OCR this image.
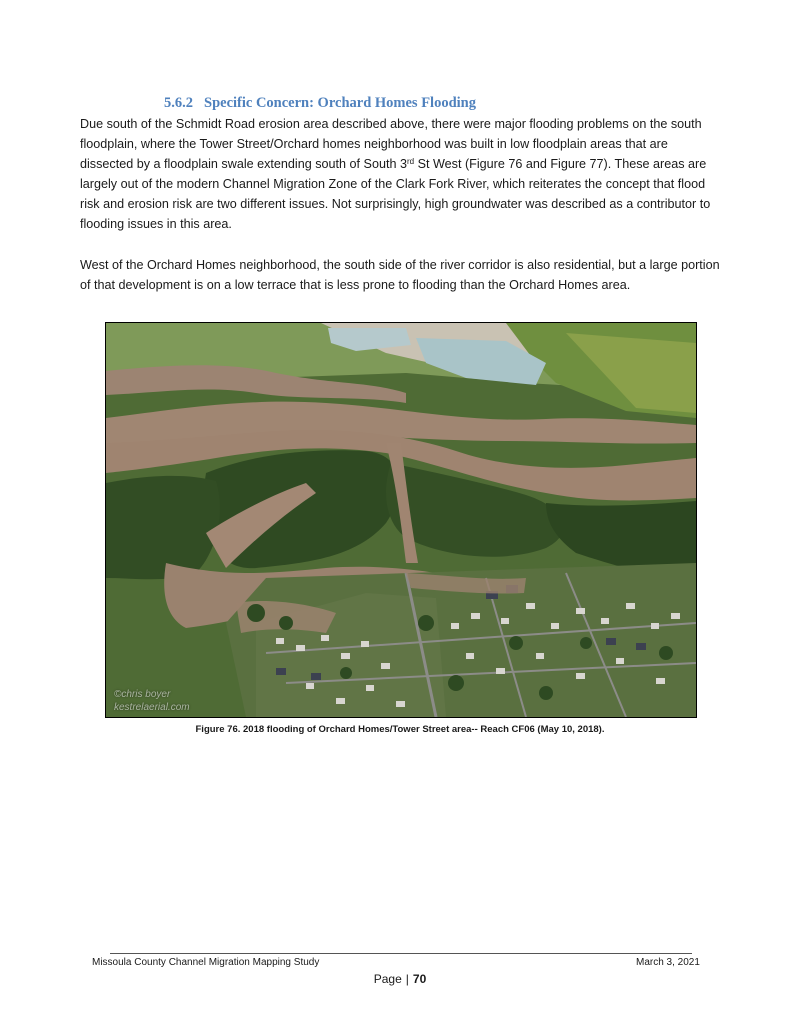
5.6.2 Specific Concern: Orchard Homes Flooding

Due south of the Schmidt Road erosion area described above, there were major flooding problems on the south floodplain, where the Tower Street/Orchard homes neighborhood was built in low floodplain areas that are dissected by a floodplain swale extending south of South 3rd St West (Figure 76 and Figure 77). These areas are largely out of the modern Channel Migration Zone of the Clark Fork River, which reiterates the concept that flood risk and erosion risk are two different issues. Not surprisingly, high groundwater was described as a contributor to flooding issues in this area.

West of the Orchard Homes neighborhood, the south side of the river corridor is also residential, but a large portion of that development is on a low terrace that is less prone to flooding than the Orchard Homes area.

©chris boyer
kestrelaerial.com
Figure 76. 2018 flooding of Orchard Homes/Tower Street area-- Reach CF06 (May 10, 2018).
Missoula County Channel Migration Mapping Study	March 3, 2021
Page | 70
